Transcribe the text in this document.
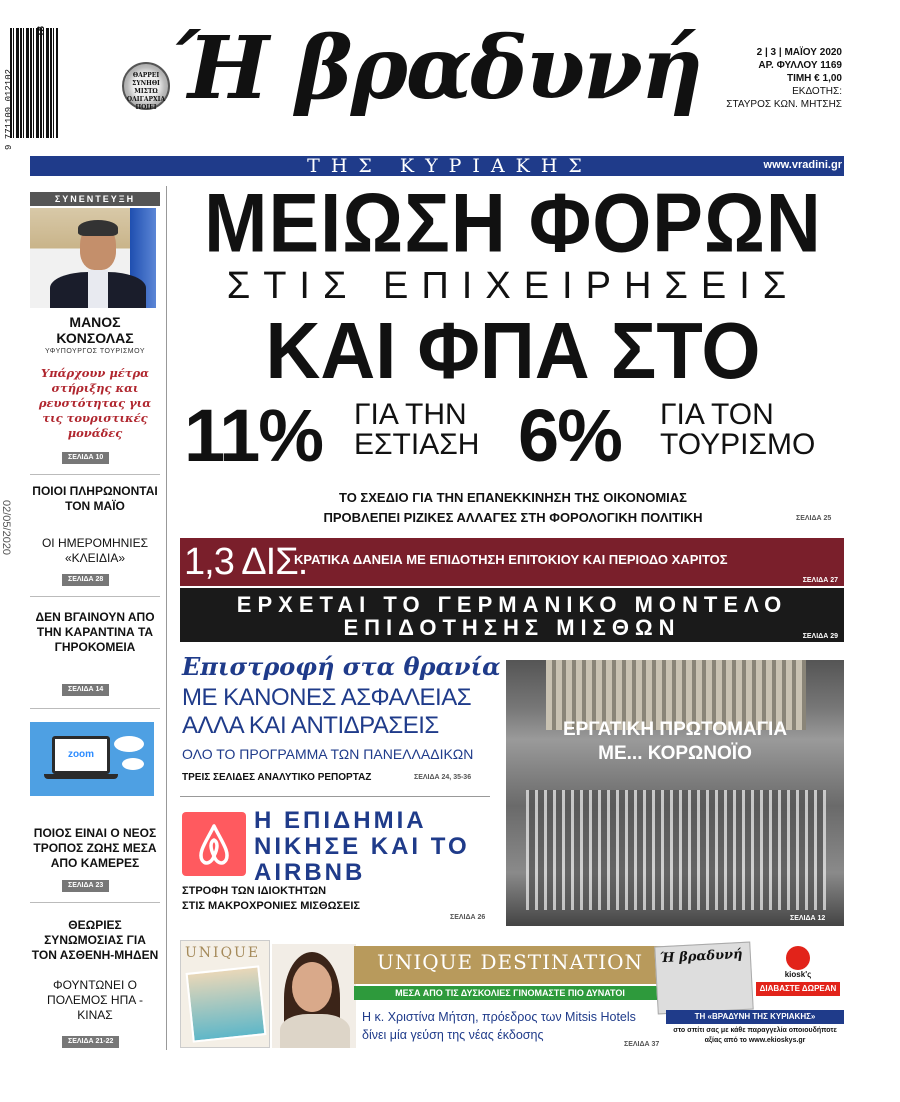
9 771109 012102
18
ΘΑΡΡΕΙ ΣΥΝΗΘΙ ΜΙΣΤΩ ΟΛΙΓΑΡΧΙΑ ΠΟΙΕΙ Ή βραδυνή	2 | 3 | ΜΑΪΟΥ 2020
ΑΡ. ΦΥΛΛΟΥ 1169
ΤΙΜΗ € 1,00
ΕΚΔΟΤΗΣ:
ΣΤΑΥΡΟΣ ΚΩΝ. ΜΗΤΣΗΣ
ΤΗΣ ΚΥΡΙΑΚΗΣ	www.vradini.gr
02/05/2020
ΣΥΝΕΝΤΕΥΞΗ
ΜΑΝΟΣ ΚΟΝΣΟΛΑΣ
ΥΦΥΠΟΥΡΓΟΣ ΤΟΥΡΙΣΜΟΥ
Υπάρχουν μέτρα στήριξης και ρευστότητας για τις τουριστικές μονάδες
ΣΕΛΙΔΑ 10
ΠΟΙΟΙ ΠΛΗΡΩΝΟΝΤΑΙ ΤΟΝ ΜΑΪΟ
ΟΙ ΗΜΕΡΟΜΗΝΙΕΣ «ΚΛΕΙΔΙΑ»
ΣΕΛΙΔΑ 28
ΔΕΝ ΒΓΑΙΝΟΥΝ ΑΠΟ ΤΗΝ ΚΑΡΑΝΤΙΝΑ ΤΑ ΓΗΡΟΚΟΜΕΙΑ
ΣΕΛΙΔΑ 14
zoom
ΠΟΙΟΣ ΕΙΝΑΙ Ο ΝΕΟΣ ΤΡΟΠΟΣ ΖΩΗΣ ΜΕΣΑ ΑΠΟ ΚΑΜΕΡΕΣ
ΣΕΛΙΔΑ 23
ΘΕΩΡΙΕΣ ΣΥΝΩΜΟΣΙΑΣ ΓΙΑ ΤΟΝ ΑΣΘΕΝΗ-ΜΗΔΕΝ
ΦΟΥΝΤΩΝΕΙ Ο ΠΟΛΕΜΟΣ ΗΠΑ - ΚΙΝΑΣ
ΣΕΛΙΔΑ 21-22
ΜΕΙΩΣΗ ΦΟΡΩΝ
ΣΤΙΣ ΕΠΙΧΕΙΡΗΣΕΙΣ
ΚΑΙ ΦΠΑ ΣΤΟ
11% ΓΙΑ ΤΗΝ
ΕΣΤΙΑΣΗ 6% ΓΙΑ ΤΟΝ
ΤΟΥΡΙΣΜΟ
ΤΟ ΣΧΕΔΙΟ ΓΙΑ ΤΗΝ ΕΠΑΝΕΚΚΙΝΗΣΗ ΤΗΣ ΟΙΚΟΝΟΜΙΑΣ
ΠΡΟΒΛΕΠΕΙ ΡΙΖΙΚΕΣ ΑΛΛΑΓΕΣ ΣΤΗ ΦΟΡΟΛΟΓΙΚΗ ΠΟΛΙΤΙΚΗ	ΣΕΛΙΔΑ 25
1,3 ΔΙΣ.
ΚΡΑΤΙΚΑ ΔΑΝΕΙΑ ΜΕ ΕΠΙΔΟΤΗΣΗ ΕΠΙΤΟΚΙΟΥ ΚΑΙ ΠΕΡΙΟΔΟ ΧΑΡΙΤΟΣ
ΣΕΛΙΔΑ 27
ΕΡΧΕΤΑΙ ΤΟ ΓΕΡΜΑΝΙΚΟ ΜΟΝΤΕΛΟ
ΕΠΙΔΟΤΗΣΗΣ ΜΙΣΘΩΝ	ΣΕΛΙΔΑ 29
Επιστροφή στα θρανία
ΜΕ ΚΑΝΟΝΕΣ ΑΣΦΑΛΕΙΑΣ
ΑΛΛΑ ΚΑΙ ΑΝΤΙΔΡΑΣΕΙΣ
ΟΛΟ ΤΟ ΠΡΟΓΡΑΜΜΑ ΤΩΝ ΠΑΝΕΛΛΑΔΙΚΩΝ
ΤΡΕΙΣ ΣΕΛΙΔΕΣ ΑΝΑΛΥΤΙΚΟ ΡΕΠΟΡΤΑΖ	ΣΕΛΙΔΑ 24, 35-36
Η ΕΠΙΔΗΜΙΑ
ΝΙΚΗΣΕ ΚΑΙ ΤΟ
AIRBNB
ΣΤΡΟΦΗ ΤΩΝ ΙΔΙΟΚΤΗΤΩΝ
ΣΤΙΣ ΜΑΚΡΟΧΡΟΝΙΕΣ ΜΙΣΘΩΣΕΙΣ
ΣΕΛΙΔΑ 26
ΕΡΓΑΤΙΚΗ ΠΡΩΤΟΜΑΓΙΑ
ΜΕ... ΚΟΡΩΝΟΪΟ
ΣΕΛΙΔΑ 12
UNIQUE	UNIQUE DESTINATION
ΜΕΣΑ ΑΠΟ ΤΙΣ ΔΥΣΚΟΛΙΕΣ ΓΙΝΟΜΑΣΤΕ ΠΙΟ ΔΥΝΑΤΟΙ
Η κ. Χριστίνα Μήτση, πρόεδρος των Mitsis Hotels δίνει μία γεύση της νέας έκδοσης
ΣΕΛΙΔΑ 37
Ή βραδυνή
kiosk'ς
ΔΙΑΒΑΣΤΕ ΔΩΡΕΑΝ
ΤΗ «ΒΡΑΔΥΝΗ ΤΗΣ ΚΥΡΙΑΚΗΣ»
στο σπίτι σας με κάθε παραγγελία οποιουδήποτε αξίας από το www.ekioskys.gr
